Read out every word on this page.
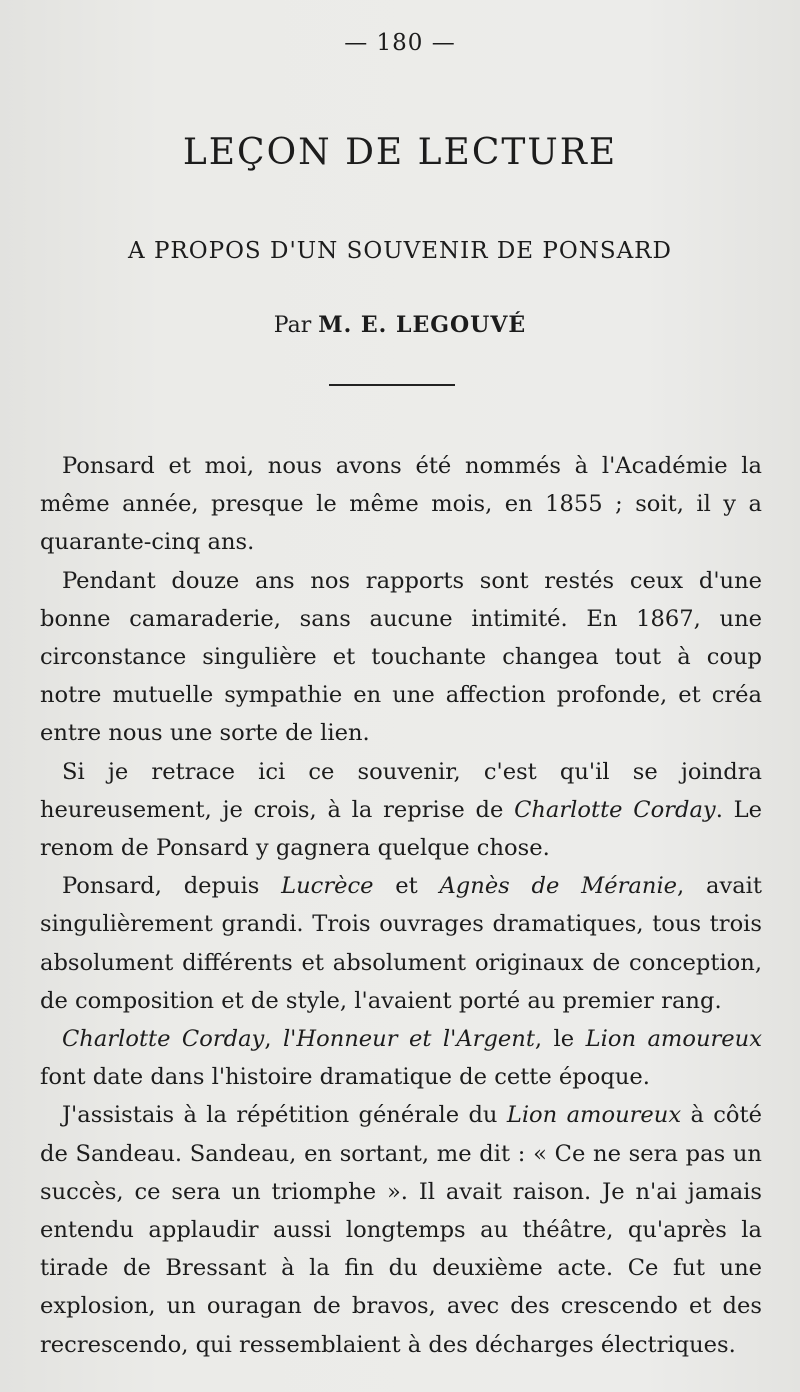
— 180 —
LEÇON DE LECTURE
A PROPOS D'UN SOUVENIR DE PONSARD
Par M. E. LEGOUVÉ

Ponsard et moi, nous avons été nommés à l'Académie la même année, presque le même mois, en 1855 ; soit, il y a quarante-cinq ans.

Pendant douze ans nos rapports sont restés ceux d'une bonne camaraderie, sans aucune intimité. En 1867, une circonstance singulière et touchante changea tout à coup notre mutuelle sympathie en une affection profonde, et créa entre nous une sorte de lien.

Si je retrace ici ce souvenir, c'est qu'il se joindra heureusement, je crois, à la reprise de Charlotte Corday. Le renom de Ponsard y gagnera quelque chose.

Ponsard, depuis Lucrèce et Agnès de Méranie, avait singulièrement grandi. Trois ouvrages dramatiques, tous trois absolument différents et absolument originaux de conception, de composition et de style, l'avaient porté au premier rang.

Charlotte Corday, l'Honneur et l'Argent, le Lion amoureux font date dans l'histoire dramatique de cette époque.

J'assistais à la répétition générale du Lion amoureux à côté de Sandeau. Sandeau, en sortant, me dit : « Ce ne sera pas un succès, ce sera un triomphe ». Il avait raison. Je n'ai jamais entendu applaudir aussi longtemps au théâtre, qu'après la tirade de Bressant à la fin du deuxième acte. Ce fut une explosion, un ouragan de bravos, avec des crescendo et des recrescendo, qui ressemblaient à des décharges électriques.
